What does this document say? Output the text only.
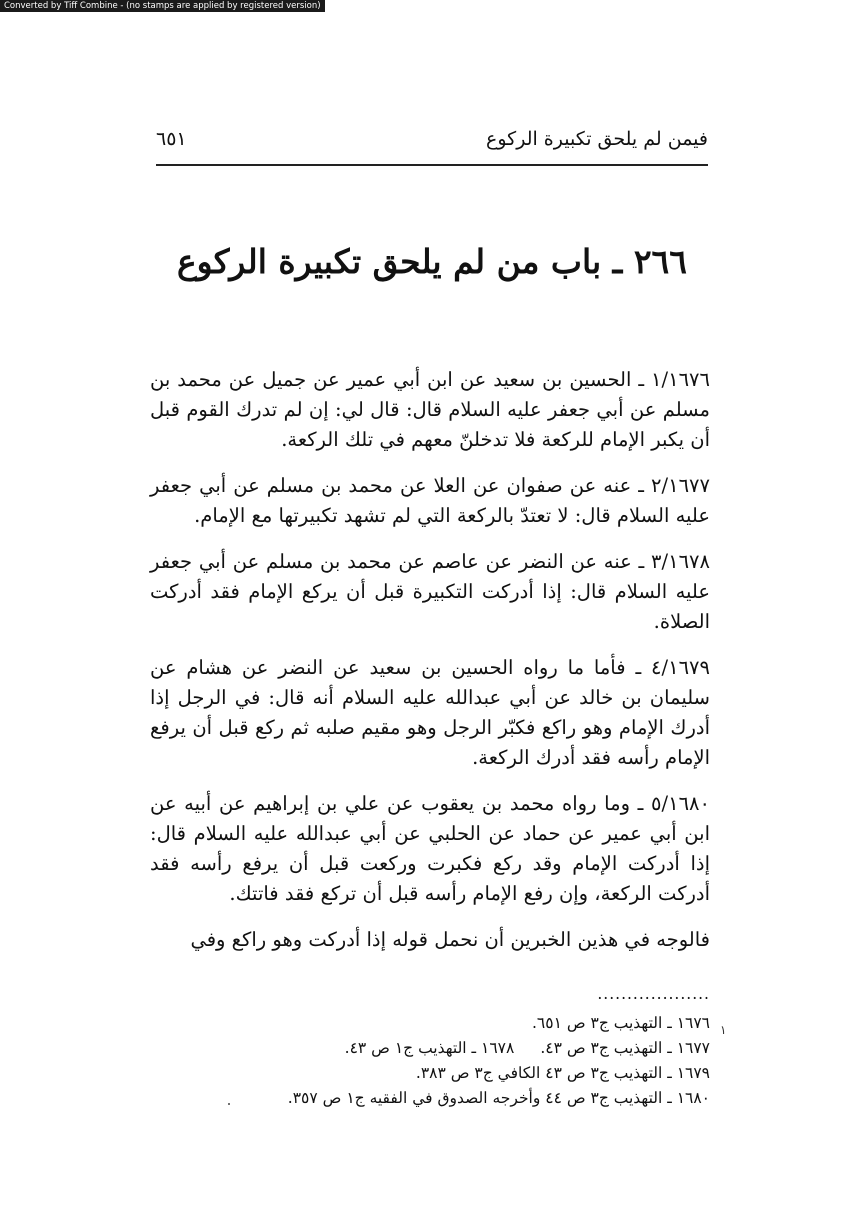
Converted by Tiff Combine - (no stamps are applied by registered version)
فيمن لم يلحق تكبيرة الركوع
٦٥١
٢٦٦ ـ باب من لم يلحق تكبيرة الركوع

١/١٦٧٦ ـ الحسين بن سعيد عن ابن أبي عمير عن جميل عن محمد بن مسلم عن أبي جعفر عليه السلام قال: قال لي: إن لم تدرك القوم قبل أن يكبر الإمام للركعة فلا تدخلنّ معهم في تلك الركعة.

٢/١٦٧٧ ـ عنه عن صفوان عن العلا عن محمد بن مسلم عن أبي جعفر عليه السلام قال: لا تعتدّ بالركعة التي لم تشهد تكبيرتها مع الإمام.

٣/١٦٧٨ ـ عنه عن النضر عن عاصم عن محمد بن مسلم عن أبي جعفر عليه السلام قال: إذا أدركت التكبيرة قبل أن يركع الإمام فقد أدركت الصلاة.

٤/١٦٧٩ ـ فأما ما رواه الحسين بن سعيد عن النضر عن هشام عن سليمان بن خالد عن أبي عبدالله عليه السلام أنه قال: في الرجل إذا أدرك الإمام وهو راكع فكبّر الرجل وهو مقيم صلبه ثم ركع قبل أن يرفع الإمام رأسه فقد أدرك الركعة.

٥/١٦٨٠ ـ وما رواه محمد بن يعقوب عن علي بن إبراهيم عن أبيه عن ابن أبي عمير عن حماد عن الحلبي عن أبي عبدالله عليه السلام قال: إذا أدركت الإمام وقد ركع فكبرت وركعت قبل أن يرفع رأسه فقد أدركت الركعة، وإن رفع الإمام رأسه قبل أن تركع فقد فاتتك.

فالوجه في هذين الخبرين أن نحمل قوله إذا أدركت وهو راكع وفي

...................
١٦٧٦ ـ التهذيب ج٣ ص ٦٥١.
١٦٧٧ ـ التهذيب ج٣ ص ٤٣.١٦٧٨ ـ التهذيب ج١ ص ٤٣.
١٦٧٩ ـ التهذيب ج٣ ص ٤٣ الكافي ج٣ ص ٣٨٣.
١٦٨٠ ـ التهذيب ج٣ ص ٤٤ وأخرجه الصدوق في الفقيه ج١ ص ٣٥٧.
١
